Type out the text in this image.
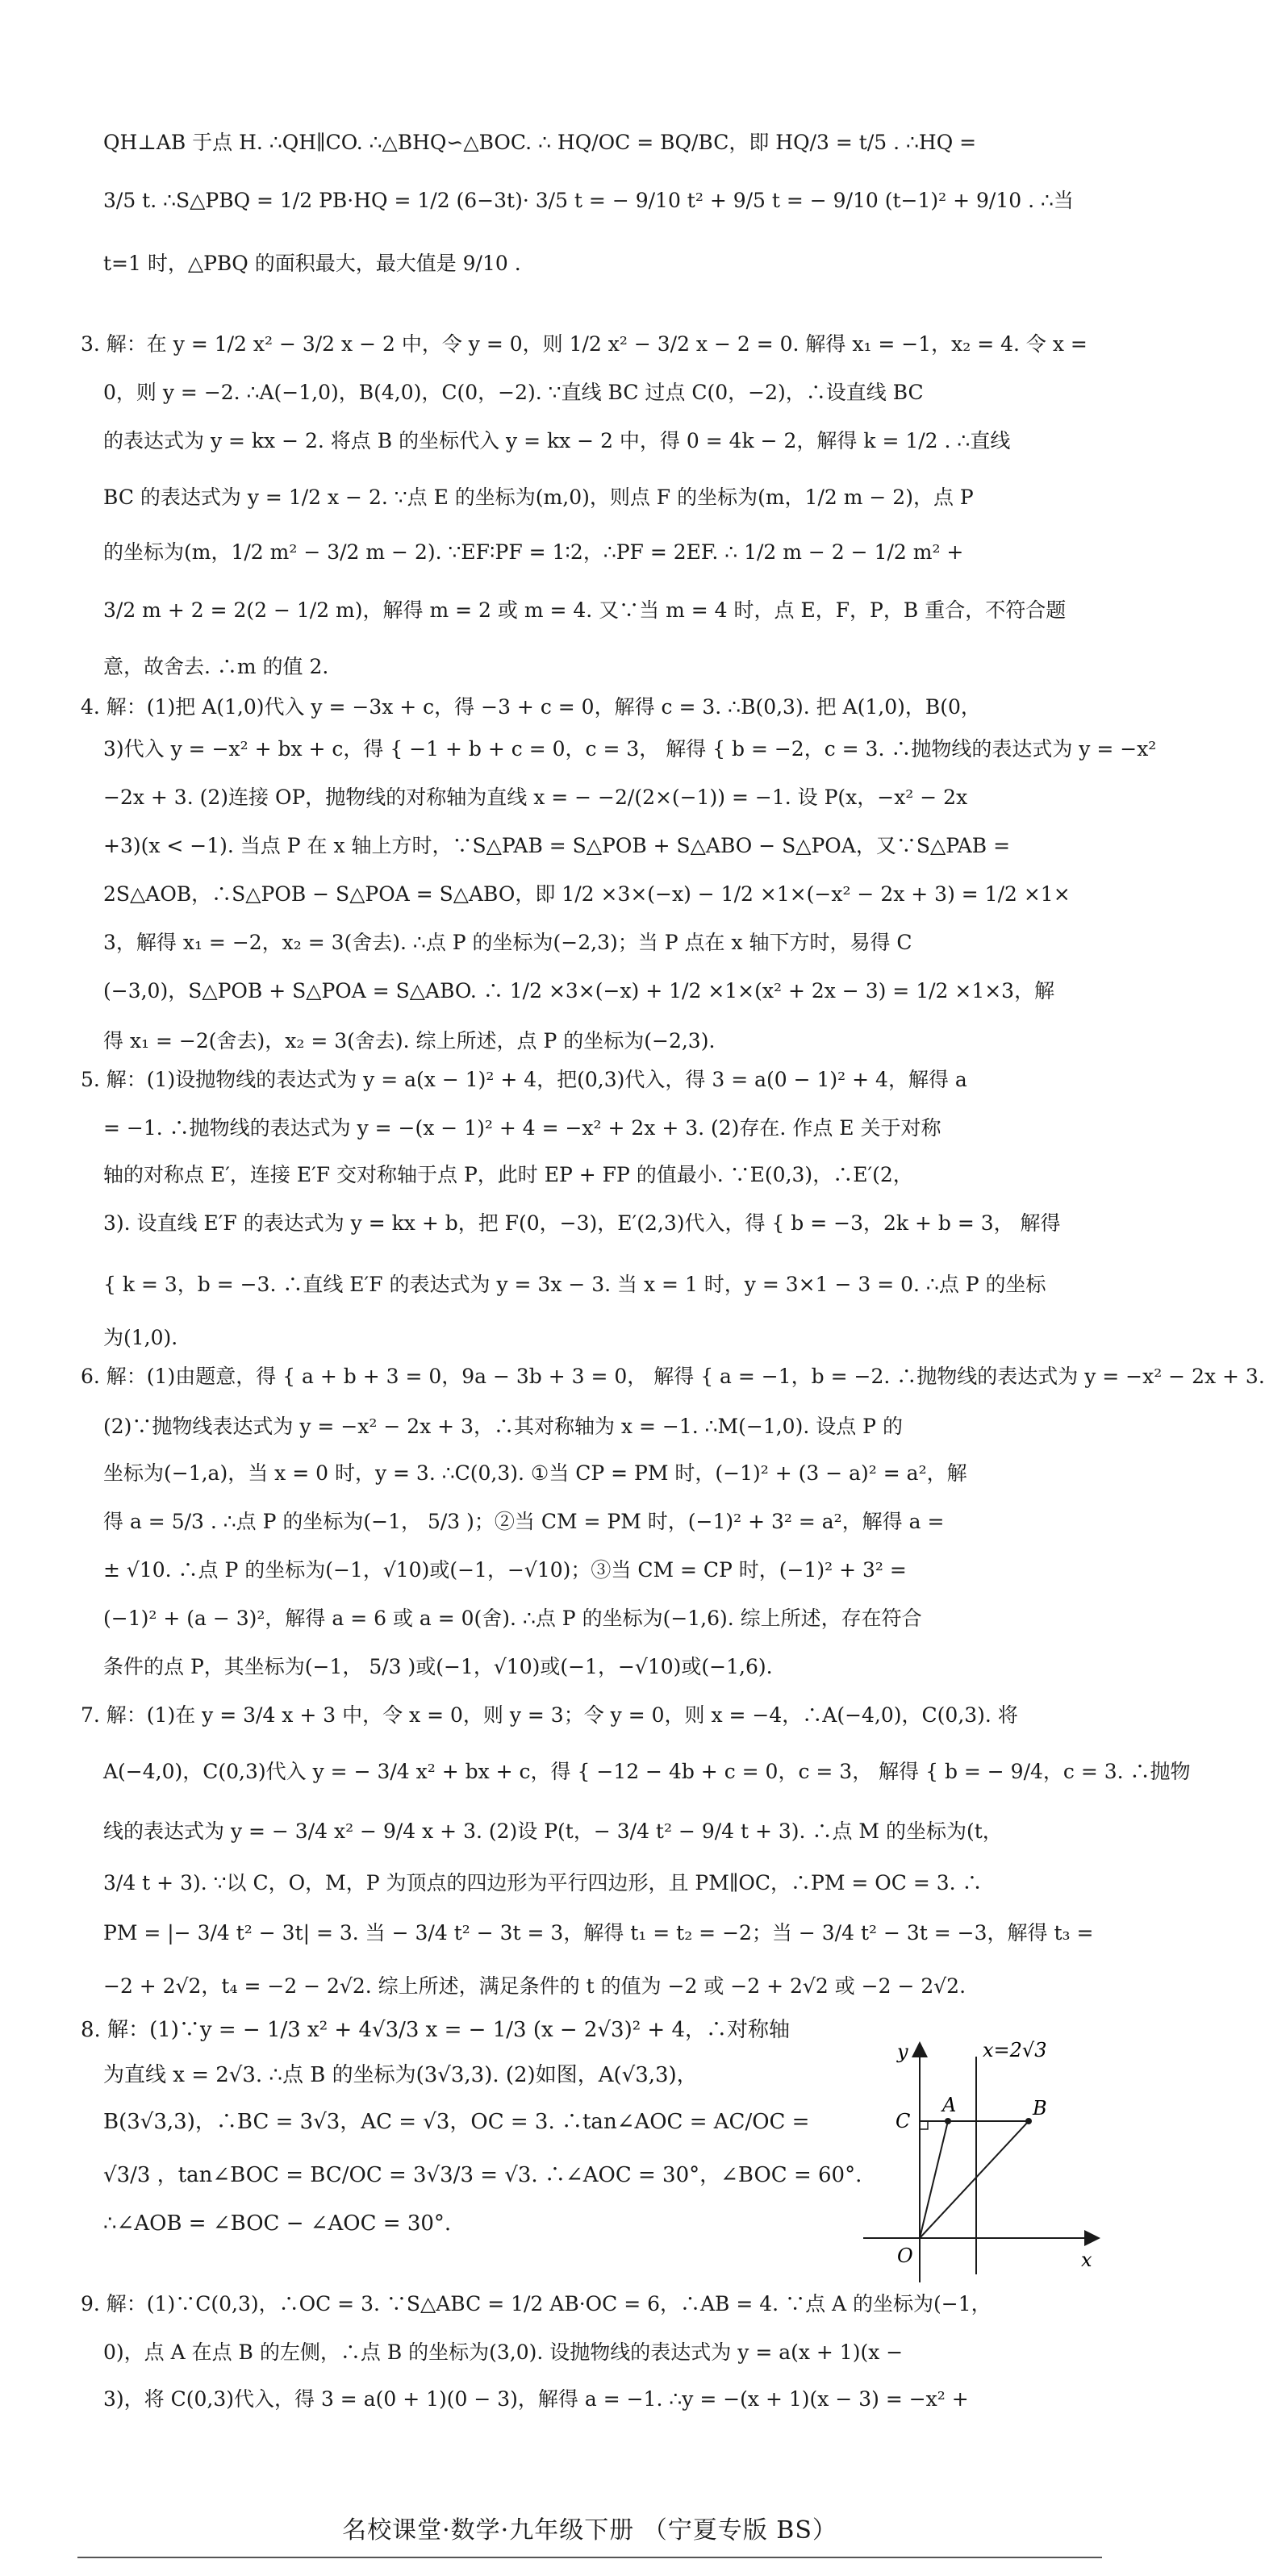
QH⊥AB 于点 H. ∴QH∥CO. ∴△BHQ∽△BOC. ∴ HQ/OC = BQ/BC，即 HQ/3 = t/5 . ∴HQ =
3/5 t. ∴S△PBQ = 1/2 PB·HQ = 1/2 (6−3t)· 3/5 t = − 9/10 t² + 9/5 t = − 9/10 (t−1)² + 9/10 . ∴当
t=1 时，△PBQ 的面积最大，最大值是 9/10 .
3. 解：在 y = 1/2 x² − 3/2 x − 2 中，令 y = 0，则 1/2 x² − 3/2 x − 2 = 0. 解得 x₁ = −1，x₂ = 4. 令 x =
0，则 y = −2. ∴A(−1,0)，B(4,0)，C(0，−2). ∵直线 BC 过点 C(0，−2)，∴设直线 BC
的表达式为 y = kx − 2. 将点 B 的坐标代入 y = kx − 2 中，得 0 = 4k − 2，解得 k = 1/2 . ∴直线
BC 的表达式为 y = 1/2 x − 2. ∵点 E 的坐标为(m,0)，则点 F 的坐标为(m，1/2 m − 2)，点 P
的坐标为(m，1/2 m² − 3/2 m − 2). ∵EF∶PF = 1∶2，∴PF = 2EF. ∴ 1/2 m − 2 − 1/2 m² +
3/2 m + 2 = 2(2 − 1/2 m)，解得 m = 2 或 m = 4. 又∵当 m = 4 时，点 E，F，P，B 重合，不符合题
意，故舍去. ∴m 的值 2.
4. 解：(1)把 A(1,0)代入 y = −3x + c，得 −3 + c = 0，解得 c = 3. ∴B(0,3). 把 A(1,0)，B(0，
3)代入 y = −x² + bx + c，得 { −1 + b + c = 0，c = 3， 解得 { b = −2，c = 3. ∴抛物线的表达式为 y = −x²
−2x + 3. (2)连接 OP，抛物线的对称轴为直线 x = − −2/(2×(−1)) = −1. 设 P(x，−x² − 2x
+3)(x < −1). 当点 P 在 x 轴上方时，∵S△PAB = S△POB + S△ABO − S△POA，又∵S△PAB =
2S△AOB，∴S△POB − S△POA = S△ABO，即 1/2 ×3×(−x) − 1/2 ×1×(−x² − 2x + 3) = 1/2 ×1×
3，解得 x₁ = −2，x₂ = 3(舍去). ∴点 P 的坐标为(−2,3)；当 P 点在 x 轴下方时，易得 C
(−3,0)，S△POB + S△POA = S△ABO. ∴ 1/2 ×3×(−x) + 1/2 ×1×(x² + 2x − 3) = 1/2 ×1×3，解
得 x₁ = −2(舍去)，x₂ = 3(舍去). 综上所述，点 P 的坐标为(−2,3).
5. 解：(1)设抛物线的表达式为 y = a(x − 1)² + 4，把(0,3)代入，得 3 = a(0 − 1)² + 4，解得 a
= −1. ∴抛物线的表达式为 y = −(x − 1)² + 4 = −x² + 2x + 3. (2)存在. 作点 E 关于对称
轴的对称点 E′，连接 E′F 交对称轴于点 P，此时 EP + FP 的值最小. ∵E(0,3)，∴E′(2，
3). 设直线 E′F 的表达式为 y = kx + b，把 F(0，−3)，E′(2,3)代入，得 { b = −3，2k + b = 3， 解得
{ k = 3，b = −3. ∴直线 E′F 的表达式为 y = 3x − 3. 当 x = 1 时，y = 3×1 − 3 = 0. ∴点 P 的坐标
为(1,0).
6. 解：(1)由题意，得 { a + b + 3 = 0，9a − 3b + 3 = 0， 解得 { a = −1，b = −2. ∴抛物线的表达式为 y = −x² − 2x + 3.
(2)∵抛物线表达式为 y = −x² − 2x + 3，∴其对称轴为 x = −1. ∴M(−1,0). 设点 P 的
坐标为(−1,a)，当 x = 0 时，y = 3. ∴C(0,3). ①当 CP = PM 时，(−1)² + (3 − a)² = a²，解
得 a = 5/3 . ∴点 P 的坐标为(−1， 5/3 )；②当 CM = PM 时，(−1)² + 3² = a²，解得 a =
± √10. ∴点 P 的坐标为(−1，√10)或(−1，−√10)；③当 CM = CP 时，(−1)² + 3² =
(−1)² + (a − 3)²，解得 a = 6 或 a = 0(舍). ∴点 P 的坐标为(−1,6). 综上所述，存在符合
条件的点 P，其坐标为(−1， 5/3 )或(−1，√10)或(−1，−√10)或(−1,6).
7. 解：(1)在 y = 3/4 x + 3 中，令 x = 0，则 y = 3；令 y = 0，则 x = −4，∴A(−4,0)，C(0,3). 将
A(−4,0)，C(0,3)代入 y = − 3/4 x² + bx + c，得 { −12 − 4b + c = 0，c = 3， 解得 { b = − 9/4，c = 3. ∴抛物
线的表达式为 y = − 3/4 x² − 9/4 x + 3. (2)设 P(t，− 3/4 t² − 9/4 t + 3). ∴点 M 的坐标为(t，
3/4 t + 3). ∵以 C，O，M，P 为顶点的四边形为平行四边形，且 PM∥OC，∴PM = OC = 3. ∴
PM = |− 3/4 t² − 3t| = 3. 当 − 3/4 t² − 3t = 3，解得 t₁ = t₂ = −2；当 − 3/4 t² − 3t = −3，解得 t₃ =
−2 + 2√2，t₄ = −2 − 2√2. 综上所述，满足条件的 t 的值为 −2 或 −2 + 2√2 或 −2 − 2√2.
8. 解：(1)∵y = − 1/3 x² + 4√3/3 x = − 1/3 (x − 2√3)² + 4，∴对称轴
为直线 x = 2√3. ∴点 B 的坐标为(3√3,3). (2)如图，A(√3,3)，
B(3√3,3)，∴BC = 3√3，AC = √3，OC = 3. ∴tan∠AOC = AC/OC =
√3/3 ，tan∠BOC = BC/OC = 3√3/3 = √3. ∴∠AOC = 30°，∠BOC = 60°.
∴∠AOB = ∠BOC − ∠AOC = 30°.
9. 解：(1)∵C(0,3)，∴OC = 3. ∵S△ABC = 1/2 AB·OC = 6，∴AB = 4. ∵点 A 的坐标为(−1，
0)，点 A 在点 B 的左侧，∴点 B 的坐标为(3,0). 设抛物线的表达式为 y = a(x + 1)(x −
3)，将 C(0,3)代入，得 3 = a(0 + 1)(0 − 3)，解得 a = −1. ∴y = −(x + 1)(x − 3) = −x² +
y
x
x=2√3
A	B
C
O
名校课堂·数学·九年级下册 （宁夏专版 BS）
